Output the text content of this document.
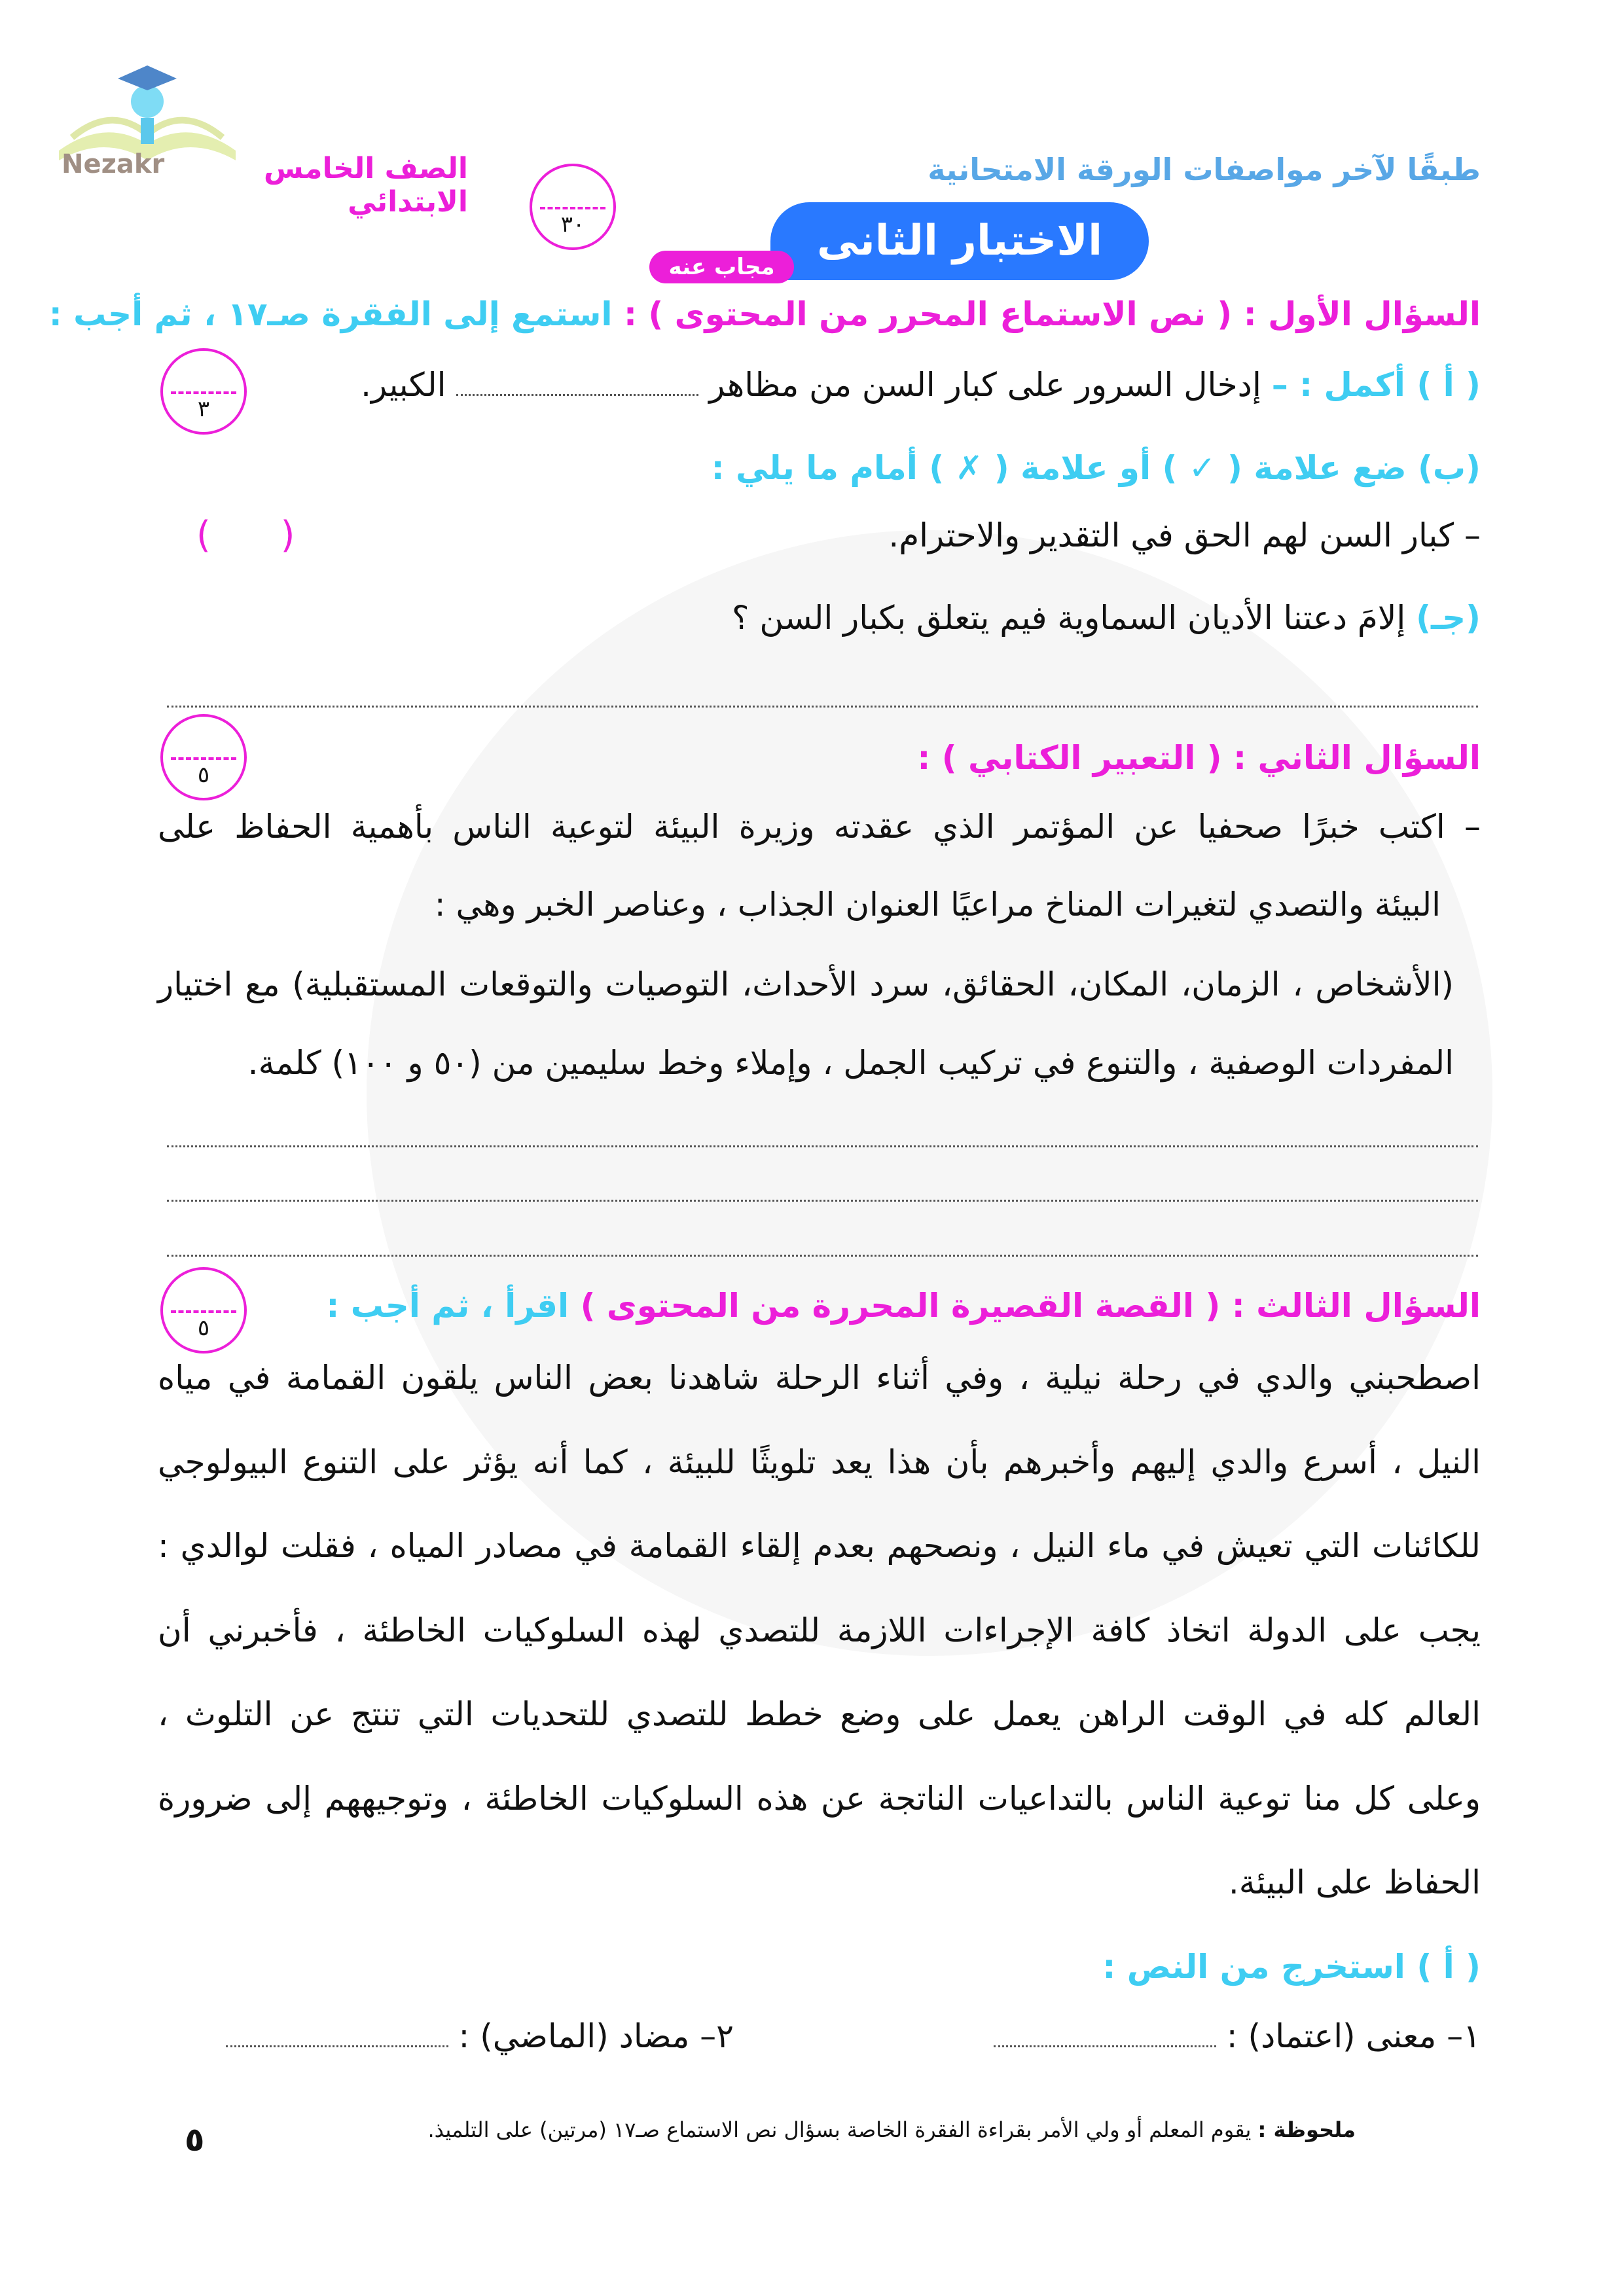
Nezakr	الصف الخامس الابتدائي
طبقًا لآخر مواصفات الورقة الامتحانية
٣٠	الاختبار الثانى
مجاب عنه
السؤال الأول : ( نص الاستماع المحرر من المحتوى ) : استمع إلى الفقرة صـ١٧ ، ثم أجب :
٣
( أ ) أكمل : – إدخال السرور على كبار السن من مظاهر  الكبير.
(ب) ضع علامة ( ✓ ) أو علامة ( ✗ ) أمام ما يلي :
– كبار السن لهم الحق في التقدير والاحترام.
(      )
(جـ) إلامَ دعتنا الأديان السماوية فيم يتعلق بكبار السن ؟
السؤال الثاني : ( التعبير الكتابي ) :
٥
– اكتب خبرًا صحفيا عن المؤتمر الذي عقدته وزيرة البيئة لتوعية الناس بأهمية الحفاظ على
البيئة والتصدي لتغيرات المناخ مراعيًا العنوان الجذاب ، وعناصر الخبر وهي :
(الأشخاص ، الزمان، المكان، الحقائق، سرد الأحداث، التوصيات والتوقعات المستقبلية) مع اختيار
المفردات الوصفية ، والتنوع في تركيب الجمل ، وإملاء وخط سليمين من (٥٠ و ١٠٠) كلمة.
السؤال الثالث : ( القصة القصيرة المحررة من المحتوى ) اقرأ ، ثم أجب :
٥
اصطحبني والدي في رحلة نيلية ، وفي أثناء الرحلة شاهدنا بعض الناس يلقون القمامة في مياه
النيل ، أسرع والدي إليهم وأخبرهم بأن هذا يعد تلويثًا للبيئة ، كما أنه يؤثر على التنوع البيولوجي
للكائنات التي تعيش في ماء النيل ، ونصحهم بعدم إلقاء القمامة في مصادر المياه ، فقلت لوالدي :
يجب على الدولة اتخاذ كافة الإجراءات اللازمة للتصدي لهذه السلوكيات الخاطئة ، فأخبرني أن
العالم كله في الوقت الراهن يعمل على وضع خطط للتصدي للتحديات التي تنتج عن التلوث ،
وعلى كل منا توعية الناس بالتداعيات الناتجة عن هذه السلوكيات الخاطئة ، وتوجيههم إلى ضرورة
الحفاظ على البيئة.
( أ ) استخرج من النص :
١– معنى (اعتماد) :
٢– مضاد (الماضي) :
ملحوظة : يقوم المعلم أو ولي الأمر بقراءة الفقرة الخاصة بسؤال نص الاستماع صـ١٧ (مرتين) على التلميذ.
٥
